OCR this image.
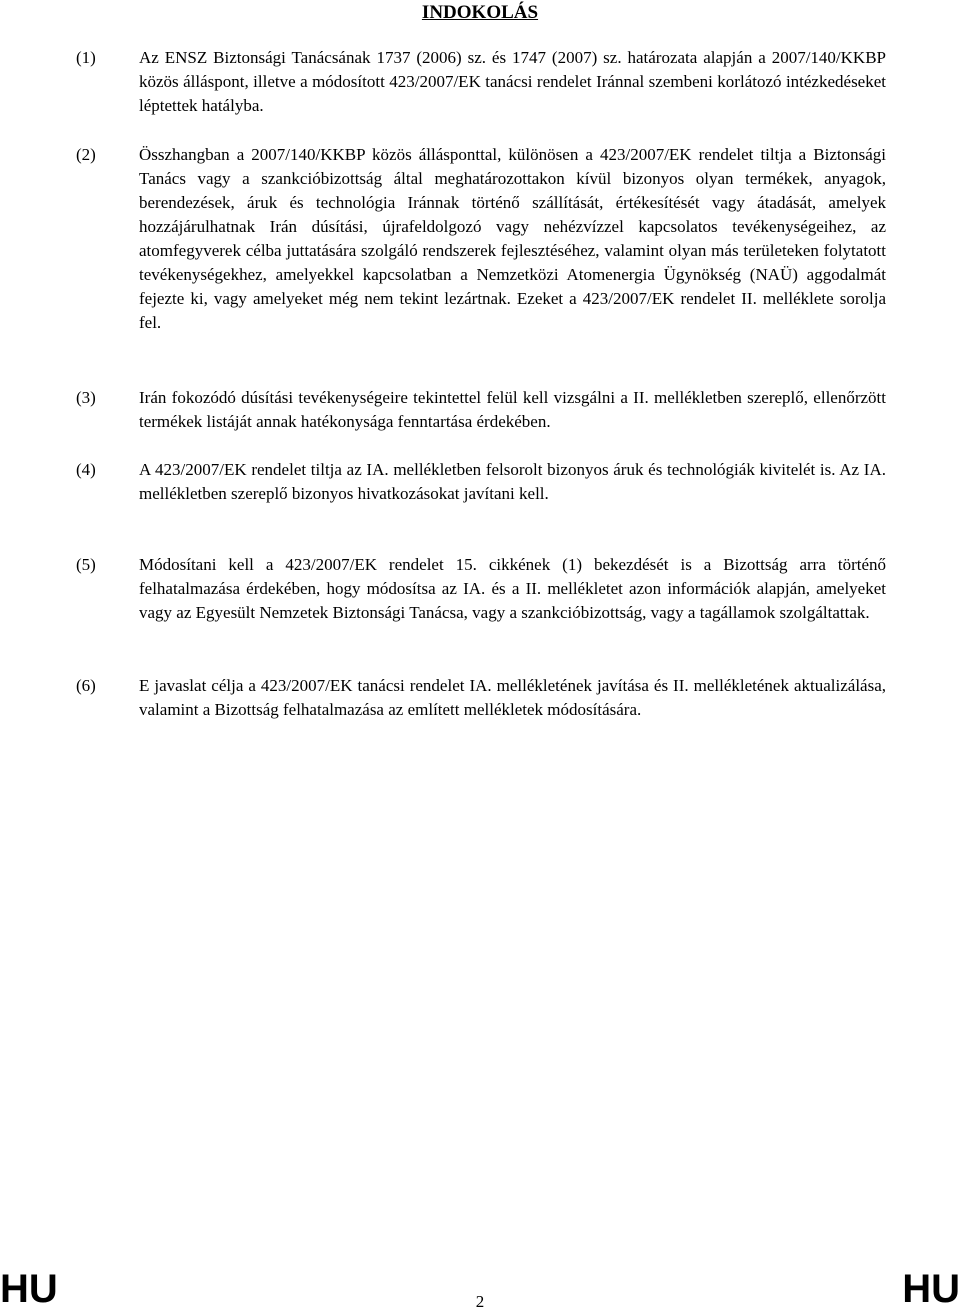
INDOKOLÁS
(1)	Az ENSZ Biztonsági Tanácsának 1737 (2006) sz. és 1747 (2007) sz. határozata alapján a 2007/140/KKBP közös álláspont, illetve a módosított 423/2007/EK tanácsi rendelet Iránnal szembeni korlátozó intézkedéseket léptettek hatályba.
(2)	Összhangban a 2007/140/KKBP közös állásponttal, különösen a 423/2007/EK rendelet tiltja a Biztonsági Tanács vagy a szankcióbizottság által meghatározottakon kívül bizonyos olyan termékek, anyagok, berendezések, áruk és technológia Iránnak történő szállítását, értékesítését vagy átadását, amelyek hozzájárulhatnak Irán dúsítási, újrafeldolgozó vagy nehézvízzel kapcsolatos tevékenységeihez, az atomfegyverek célba juttatására szolgáló rendszerek fejlesztéséhez, valamint olyan más területeken folytatott tevékenységekhez, amelyekkel kapcsolatban a Nemzetközi Atomenergia Ügynökség (NAÜ) aggodalmát fejezte ki, vagy amelyeket még nem tekint lezártnak. Ezeket a 423/2007/EK rendelet II. melléklete sorolja fel.
(3)	Irán fokozódó dúsítási tevékenységeire tekintettel felül kell vizsgálni a II. mellékletben szereplő, ellenőrzött termékek listáját annak hatékonysága fenntartása érdekében.
(4)	A 423/2007/EK rendelet tiltja az IA. mellékletben felsorolt bizonyos áruk és technológiák kivitelét is. Az IA. mellékletben szereplő bizonyos hivatkozásokat javítani kell.
(5)	Módosítani kell a 423/2007/EK rendelet 15. cikkének (1) bekezdését is a Bizottság arra történő felhatalmazása érdekében, hogy módosítsa az IA. és a II. mellékletet azon információk alapján, amelyeket vagy az Egyesült Nemzetek Biztonsági Tanácsa, vagy a szankcióbizottság, vagy a tagállamok szolgáltattak.
(6)	E javaslat célja a 423/2007/EK tanácsi rendelet IA. mellékletének javítása és II. mellékletének aktualizálása, valamint a Bizottság felhatalmazása az említett mellékletek módosítására.
HU	2	HU
